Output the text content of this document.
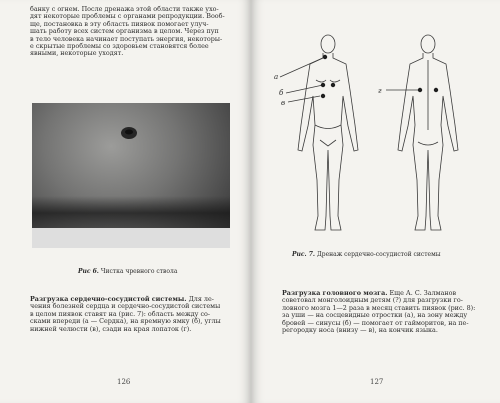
банку с огнем. После дренажа этой области также ухо-

дят некоторые проблемы с органами репродукции. Вооб-

ще, постановка в эту область пиявок помогает улуч-

шать работу всех систем организма в целом. Через пуп

в тело человека начинает поступать энергия, некоторы-

е скрытые проблемы со здоровьем становятся более

явными, некоторые уходят.

Рис 6. Чистка чревного ствола

Разгрузка сердечно-сосудистой системы. Для ле-

чения болезней сердца и сердечно-сосудистой системы

в целом пиявок ставят на (рис. 7): область между со-

сками впереди (а — Сердка), на яремную ямку (б), углы

нижней челюсти (в), сзади на края лопаток (г).

126
а
б
в
г
Рис. 7. Дренаж сердечно-сосудистой системы

Разгрузка головного мозга. Еще А. С. Залманов

советовал монголоидным детям (?) для разгрузки го-

ловного мозга 1—2 раза в месяц ставить пиявок (рис. 8):

за уши — на сосцевидные отростки (а), на зону между

бровей — синусы (б) — помогает от гайморитов, на пе-

регородку носа (внизу — в), на кончик языка.

127
